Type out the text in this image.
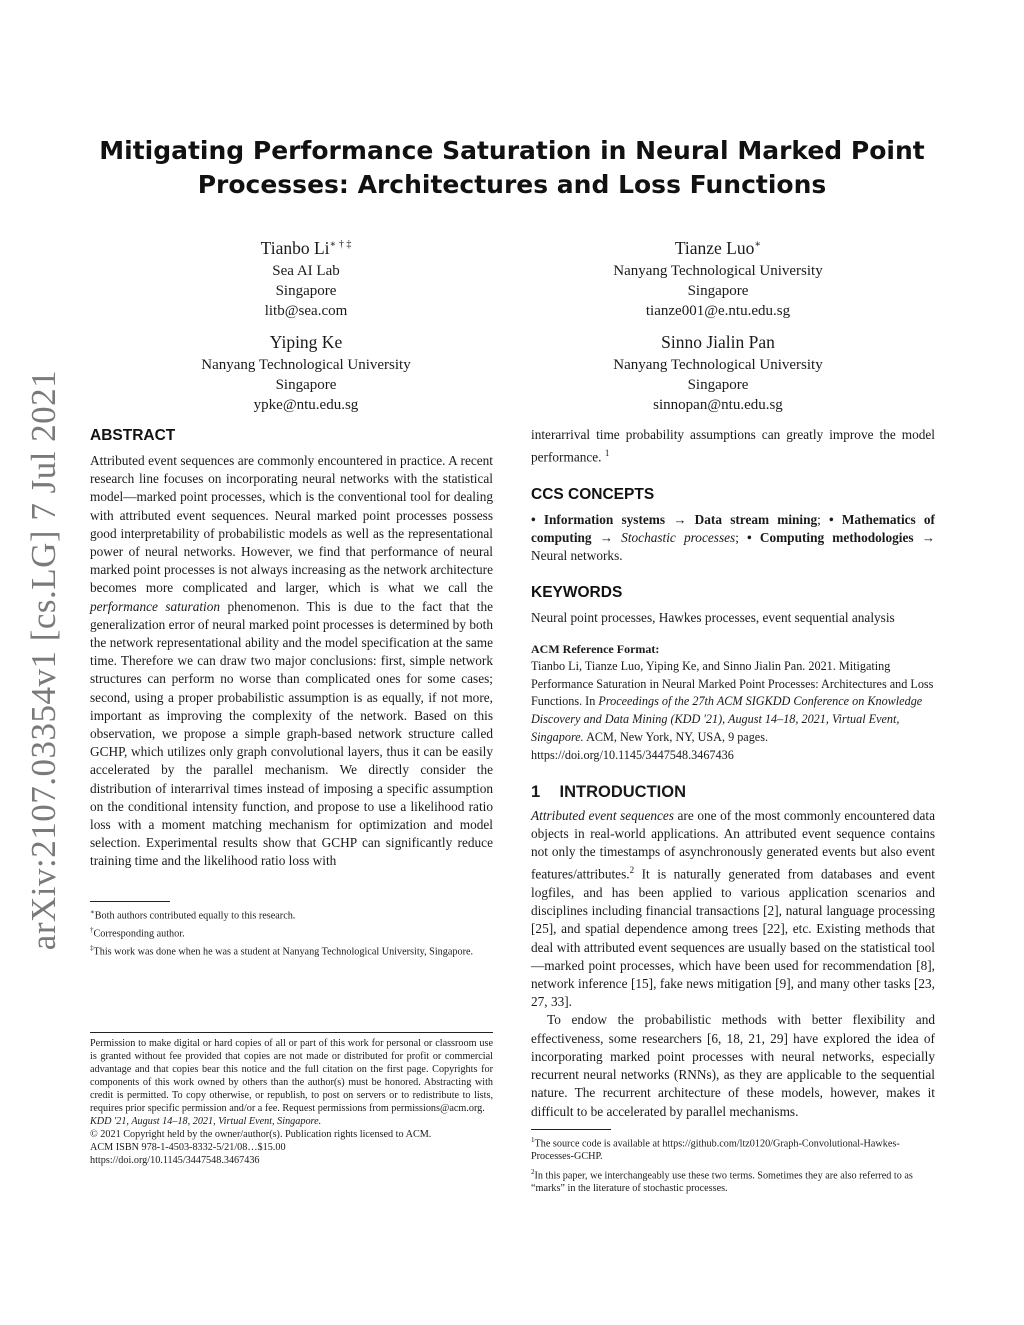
arXiv:2107.03354v1 [cs.LG] 7 Jul 2021
Mitigating Performance Saturation in Neural Marked Point
Processes: Architectures and Loss Functions
Tianbo Li∗ † ‡
Sea AI Lab
Singapore
litb@sea.com
Tianze Luo∗
Nanyang Technological University
Singapore
tianze001@e.ntu.edu.sg
Yiping Ke
Nanyang Technological University
Singapore
ypke@ntu.edu.sg
Sinno Jialin Pan
Nanyang Technological University
Singapore
sinnopan@ntu.edu.sg
ABSTRACT

Attributed event sequences are commonly encountered in practice. A recent research line focuses on incorporating neural networks with the statistical model—marked point processes, which is the conventional tool for dealing with attributed event sequences. Neural marked point processes possess good interpretability of probabilistic models as well as the representational power of neural networks. However, we find that performance of neural marked point processes is not always increasing as the network architecture becomes more complicated and larger, which is what we call the performance saturation phenomenon. This is due to the fact that the generalization error of neural marked point processes is determined by both the network representational ability and the model specification at the same time. Therefore we can draw two major conclusions: first, simple network structures can perform no worse than complicated ones for some cases; second, using a proper probabilistic assumption is as equally, if not more, important as improving the complexity of the network. Based on this observation, we propose a simple graph-based network structure called GCHP, which utilizes only graph convolutional layers, thus it can be easily accelerated by the parallel mechanism. We directly consider the distribution of interarrival times instead of imposing a specific assumption on the conditional intensity function, and propose to use a likelihood ratio loss with a moment matching mechanism for optimization and model selection. Experimental results show that GCHP can significantly reduce training time and the likelihood ratio loss with

∗Both authors contributed equally to this research.
†Corresponding author.
‡This work was done when he was a student at Nanyang Technological University, Singapore.
Permission to make digital or hard copies of all or part of this work for personal or classroom use is granted without fee provided that copies are not made or distributed for profit or commercial advantage and that copies bear this notice and the full citation on the first page. Copyrights for components of this work owned by others than the author(s) must be honored. Abstracting with credit is permitted. To copy otherwise, or republish, to post on servers or to redistribute to lists, requires prior specific permission and/or a fee. Request permissions from permissions@acm.org.
KDD '21, August 14–18, 2021, Virtual Event, Singapore.
© 2021 Copyright held by the owner/author(s). Publication rights licensed to ACM.
ACM ISBN 978-1-4503-8332-5/21/08…$15.00
https://doi.org/10.1145/3447548.3467436

interarrival time probability assumptions can greatly improve the model performance. $^1$

CCS CONCEPTS

• Information systems → Data stream mining; • Mathematics of computing → Stochastic processes; • Computing methodologies → Neural networks.

KEYWORDS

Neural point processes, Hawkes processes, event sequential analysis

ACM Reference Format:

Tianbo Li, Tianze Luo, Yiping Ke, and Sinno Jialin Pan. 2021. Mitigating Performance Saturation in Neural Marked Point Processes: Architectures and Loss Functions. In Proceedings of the 27th ACM SIGKDD Conference on Knowledge Discovery and Data Mining (KDD '21), August 14–18, 2021, Virtual Event, Singapore. ACM, New York, NY, USA, 9 pages. https://doi.org/10.1145/3447548.3467436

1 INTRODUCTION

Attributed event sequences are one of the most commonly encountered data objects in real-world applications. An attributed event sequence contains not only the timestamps of asynchronously generated events but also event features/attributes.$^2$ It is naturally generated from databases and event logfiles, and has been applied to various application scenarios and disciplines including financial transactions [2], natural language processing [25], and spatial dependence among trees [22], etc. Existing methods that deal with attributed event sequences are usually based on the statistical tool—marked point processes, which have been used for recommendation [8], network inference [15], fake news mitigation [9], and many other tasks [23, 27, 33].

To endow the probabilistic methods with better flexibility and effectiveness, some researchers [6, 18, 21, 29] have explored the idea of incorporating marked point processes with neural networks, especially recurrent neural networks (RNNs), as they are applicable to the sequential nature. The recurrent architecture of these models, however, makes it difficult to be accelerated by parallel mechanisms.

$^1$The source code is available at https://github.com/ltz0120/Graph-Convolutional-Hawkes-Processes-GCHP.
$^2$In this paper, we interchangeably use these two terms. Sometimes they are also referred to as “marks” in the literature of stochastic processes.
